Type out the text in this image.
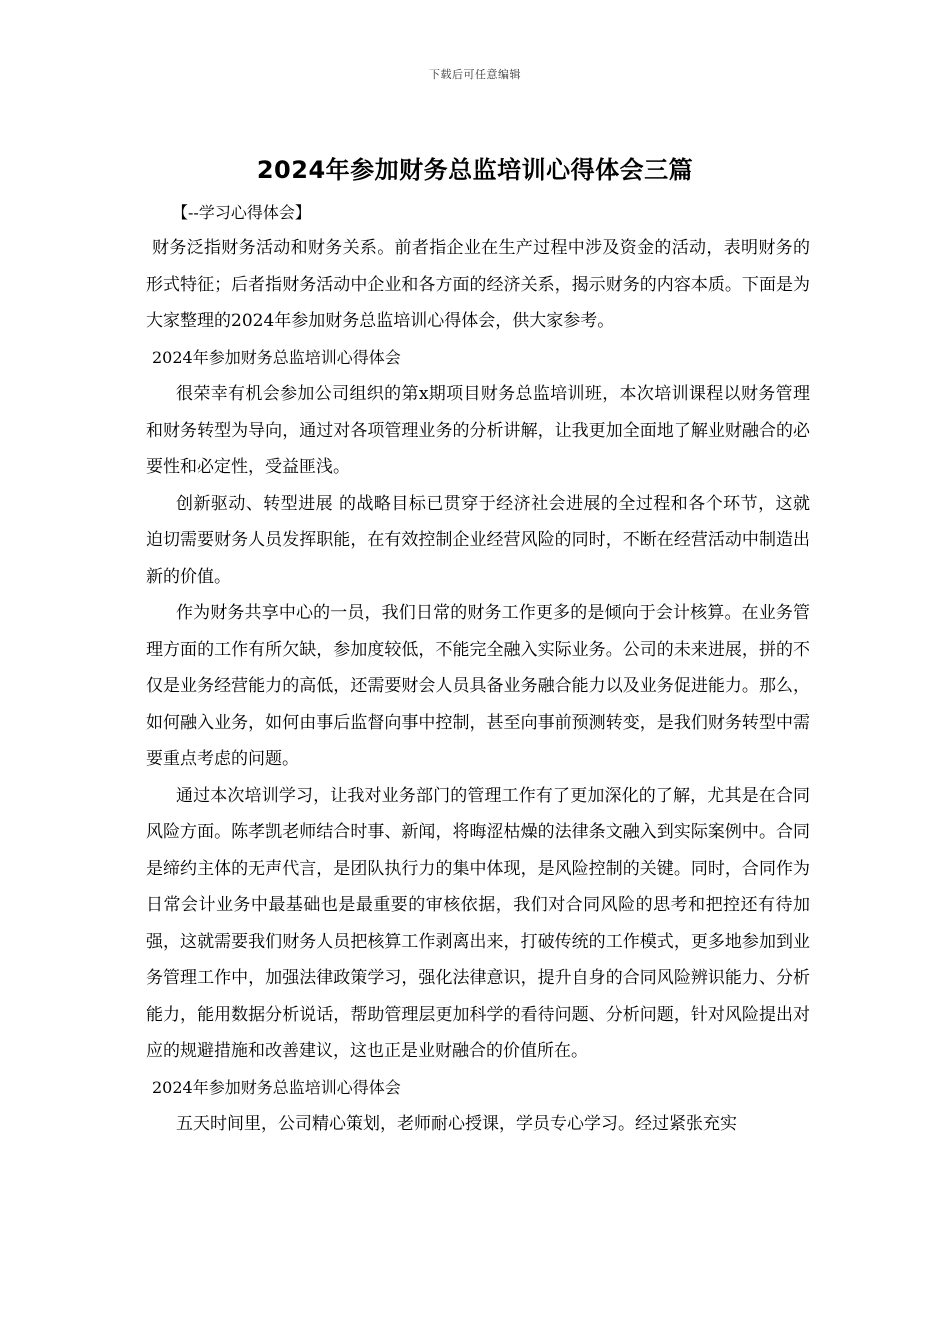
下载后可任意编辑
2024年参加财务总监培训心得体会三篇
【--学习心得体会】

财务泛指财务活动和财务关系。前者指企业在生产过程中涉及资金的活动，表明财务的形式特征；后者指财务活动中企业和各方面的经济关系，揭示财务的内容本质。下面是为大家整理的2024年参加财务总监培训心得体会，供大家参考。

2024年参加财务总监培训心得体会

很荣幸有机会参加公司组织的第x期项目财务总监培训班，本次培训课程以财务管理和财务转型为导向，通过对各项管理业务的分析讲解，让我更加全面地了解业财融合的必要性和必定性，受益匪浅。

创新驱动、转型进展 的战略目标已贯穿于经济社会进展的全过程和各个环节，这就迫切需要财务人员发挥职能，在有效控制企业经营风险的同时，不断在经营活动中制造出新的价值。

作为财务共享中心的一员，我们日常的财务工作更多的是倾向于会计核算。在业务管理方面的工作有所欠缺，参加度较低，不能完全融入实际业务。公司的未来进展，拼的不仅是业务经营能力的高低，还需要财会人员具备业务融合能力以及业务促进能力。那么，如何融入业务，如何由事后监督向事中控制，甚至向事前预测转变，是我们财务转型中需要重点考虑的问题。

通过本次培训学习，让我对业务部门的管理工作有了更加深化的了解，尤其是在合同风险方面。陈孝凯老师结合时事、新闻，将晦涩枯燥的法律条文融入到实际案例中。合同是缔约主体的无声代言，是团队执行力的集中体现，是风险控制的关键。同时，合同作为日常会计业务中最基础也是最重要的审核依据，我们对合同风险的思考和把控还有待加强，这就需要我们财务人员把核算工作剥离出来，打破传统的工作模式，更多地参加到业务管理工作中，加强法律政策学习，强化法律意识，提升自身的合同风险辨识能力、分析能力，能用数据分析说话，帮助管理层更加科学的看待问题、分析问题，针对风险提出对应的规避措施和改善建议，这也正是业财融合的价值所在。

2024年参加财务总监培训心得体会

五天时间里，公司精心策划，老师耐心授课，学员专心学习。经过紧张充实
